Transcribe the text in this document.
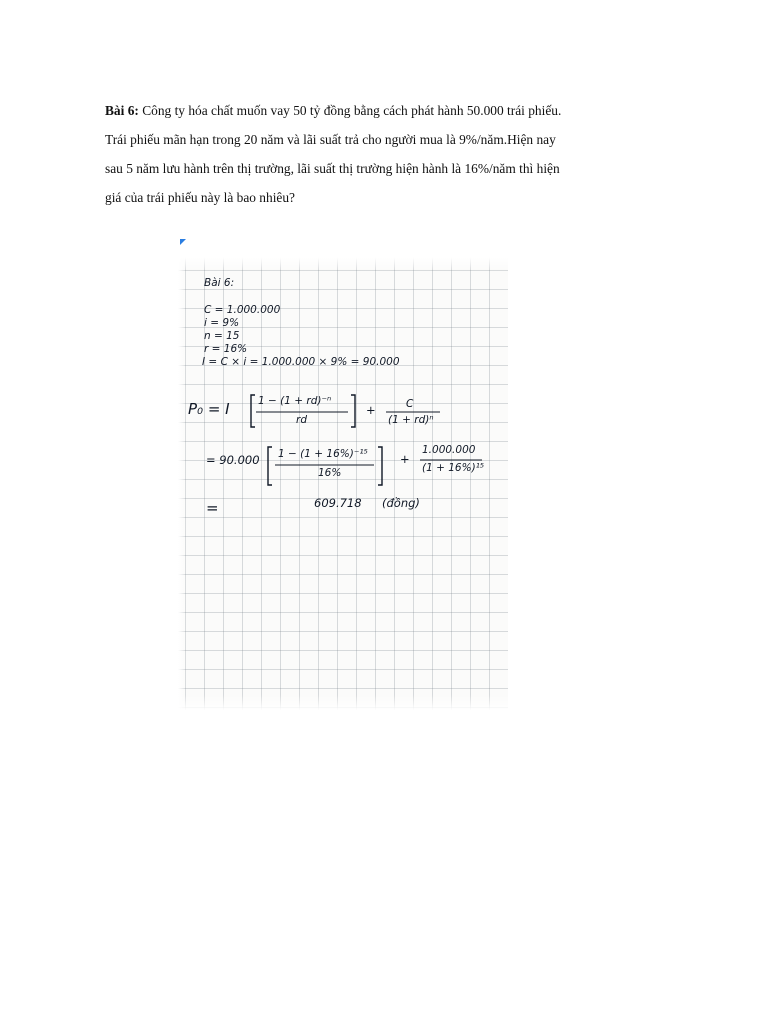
Bài 6: Công ty hóa chất muốn vay 50 tỷ đồng bằng cách phát hành 50.000 trái phiếu.
Trái phiếu mãn hạn trong 20 năm và lãi suất trả cho người mua là 9%/năm.Hiện nay
sau 5 năm lưu hành trên thị trường, lãi suất thị trường hiện hành là 16%/năm thì hiện
giá của trái phiếu này là bao nhiêu?
Bài 6:
C = 1.000.000
i = 9%
n = 15
r = 16%
I = C × i = 1.000.000 × 9% = 90.000
P₀ = I	1 − (1 + rd)⁻ⁿ
rd
+	C
(1 + rd)ⁿ
= 90.000 1 − (1 + 16%)⁻¹⁵
16%
+
1.000.000
(1 + 16%)¹⁵
=	609.718 (đồng)
